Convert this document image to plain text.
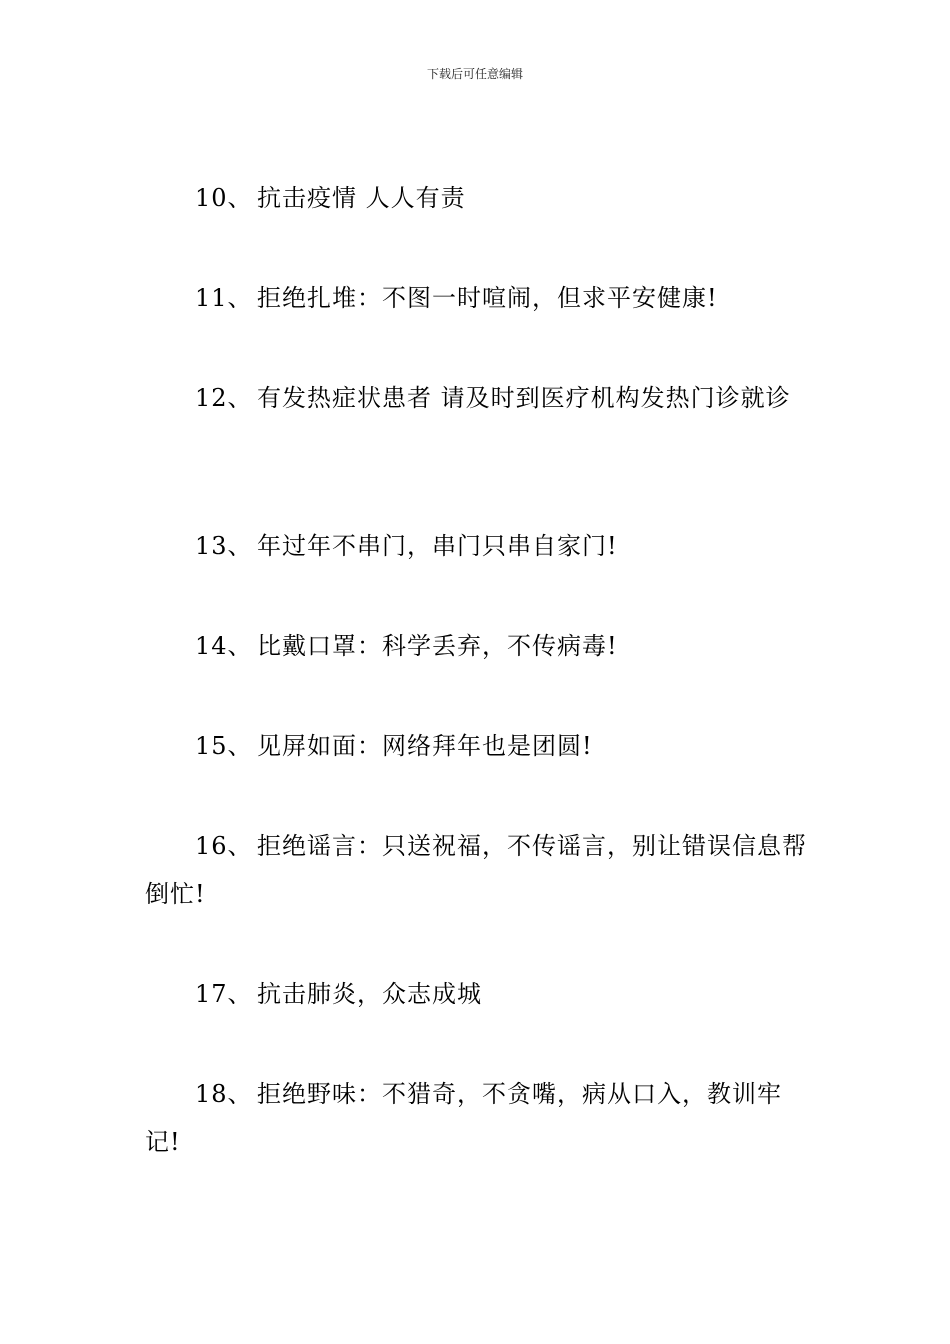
下载后可任意编辑

10、 抗击疫情 人人有责

11、 拒绝扎堆：不图一时喧闹，但求平安健康!

12、 有发热症状患者 请及时到医疗机构发热门诊就诊

13、 年过年不串门，串门只串自家门!

14、 比戴口罩：科学丢弃，不传病毒!

15、 见屏如面：网络拜年也是团圆!

16、 拒绝谣言：只送祝福，不传谣言，别让错误信息帮倒忙!

17、 抗击肺炎，众志成城

18、 拒绝野味：不猎奇，不贪嘴，病从口入，教训牢记!
